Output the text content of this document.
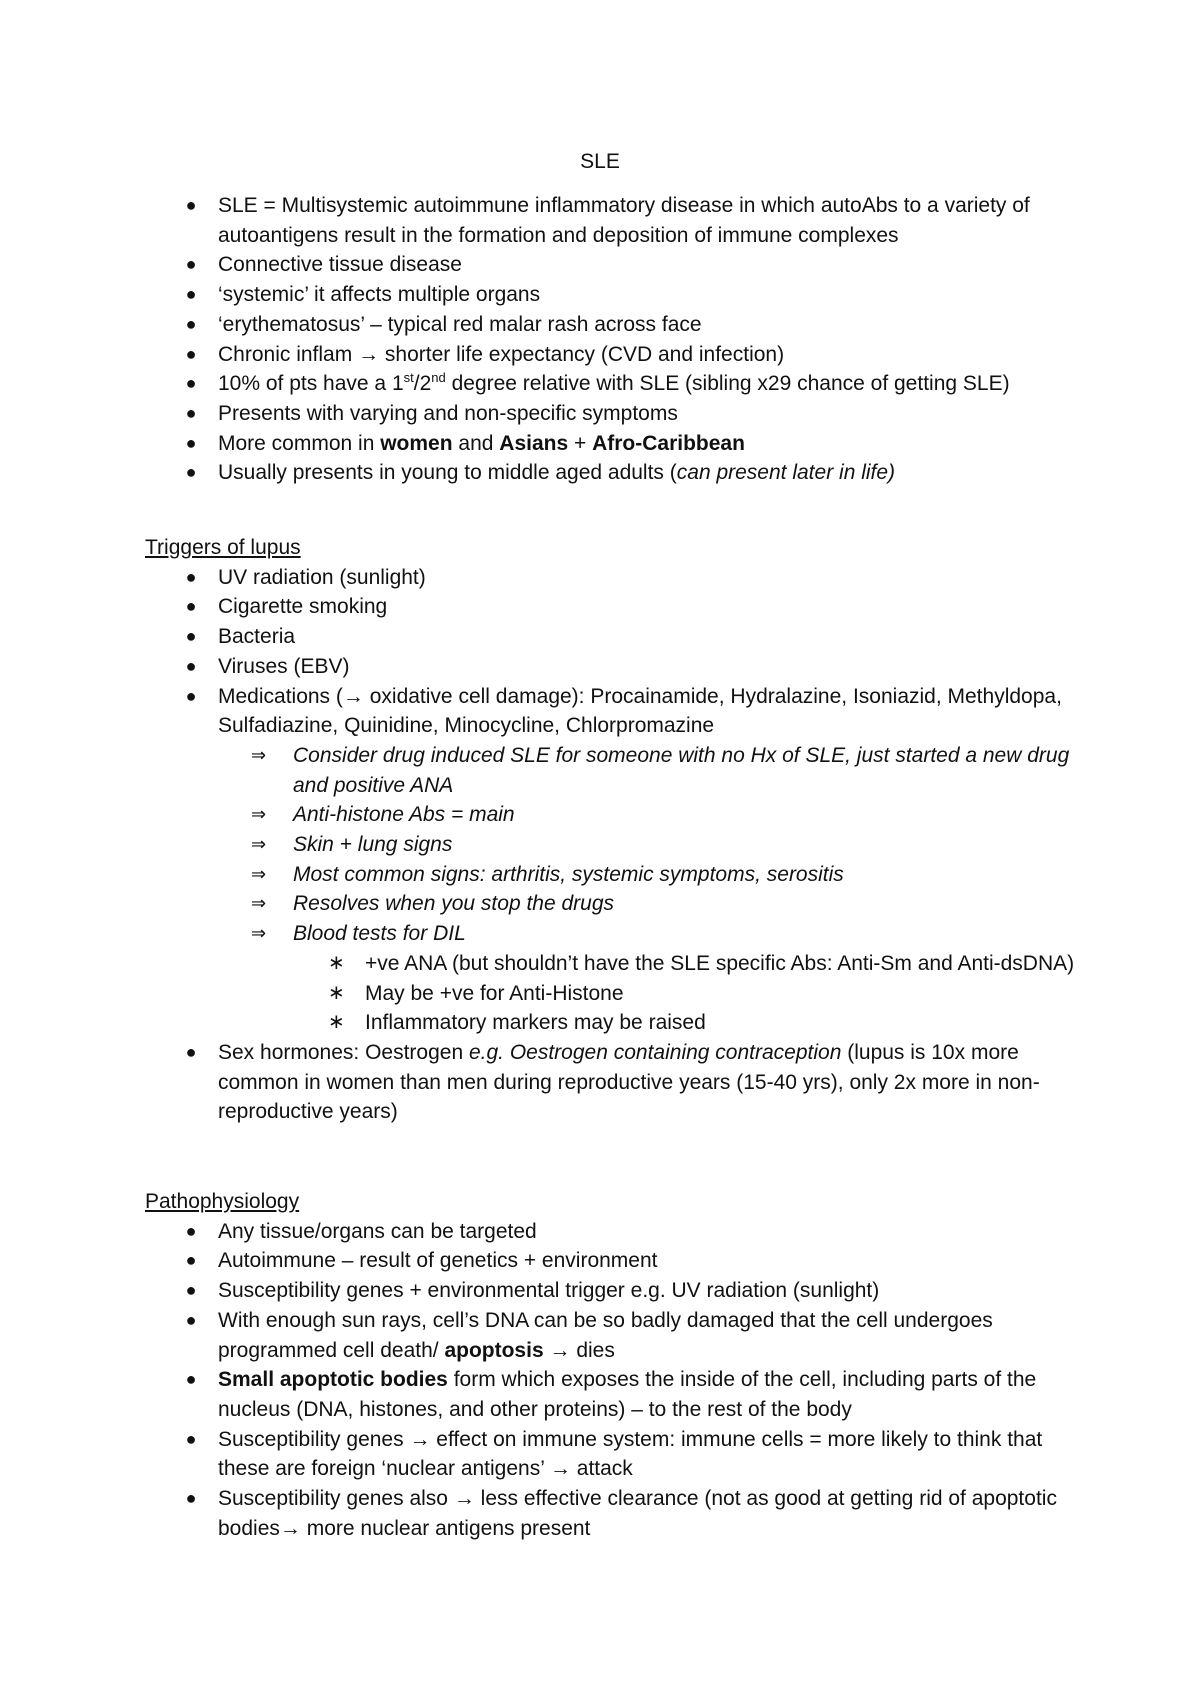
SLE
● SLE = Multisystemic autoimmune inflammatory disease in which autoAbs to a variety of autoantigens result in the formation and deposition of immune complexes
● Connective tissue disease
● ‘systemic’ it affects multiple organs
● ‘erythematosus’ – typical red malar rash across face
● Chronic inflam → shorter life expectancy (CVD and infection)
● 10% of pts have a 1st/2nd degree relative with SLE (sibling x29 chance of getting SLE)
● Presents with varying and non-specific symptoms
● More common in women and Asians + Afro-Caribbean
● Usually presents in young to middle aged adults (can present later in life)
Triggers of lupus
● UV radiation (sunlight)
● Cigarette smoking
● Bacteria
● Viruses (EBV)
● Medications (→ oxidative cell damage): Procainamide, Hydralazine, Isoniazid, Methyldopa, Sulfadiazine, Quinidine, Minocycline, Chlorpromazine
⇒ Consider drug induced SLE for someone with no Hx of SLE, just started a new drug and positive ANA
⇒ Anti-histone Abs = main
⇒ Skin + lung signs
⇒ Most common signs: arthritis, systemic symptoms, serositis
⇒ Resolves when you stop the drugs
⇒ Blood tests for DIL
∗ +ve ANA (but shouldn’t have the SLE specific Abs: Anti-Sm and Anti-dsDNA)
∗ May be +ve for Anti-Histone
∗ Inflammatory markers may be raised
● Sex hormones: Oestrogen e.g. Oestrogen containing contraception (lupus is 10x more common in women than men during reproductive years (15-40 yrs), only 2x more in non-reproductive years)
Pathophysiology
● Any tissue/organs can be targeted
● Autoimmune – result of genetics + environment
● Susceptibility genes + environmental trigger e.g. UV radiation (sunlight)
● With enough sun rays, cell’s DNA can be so badly damaged that the cell undergoes programmed cell death/ apoptosis → dies
● Small apoptotic bodies form which exposes the inside of the cell, including parts of the nucleus (DNA, histones, and other proteins) – to the rest of the body
● Susceptibility genes → effect on immune system: immune cells = more likely to think that these are foreign ‘nuclear antigens’ → attack
● Susceptibility genes also → less effective clearance (not as good at getting rid of apoptotic bodies→ more nuclear antigens present
